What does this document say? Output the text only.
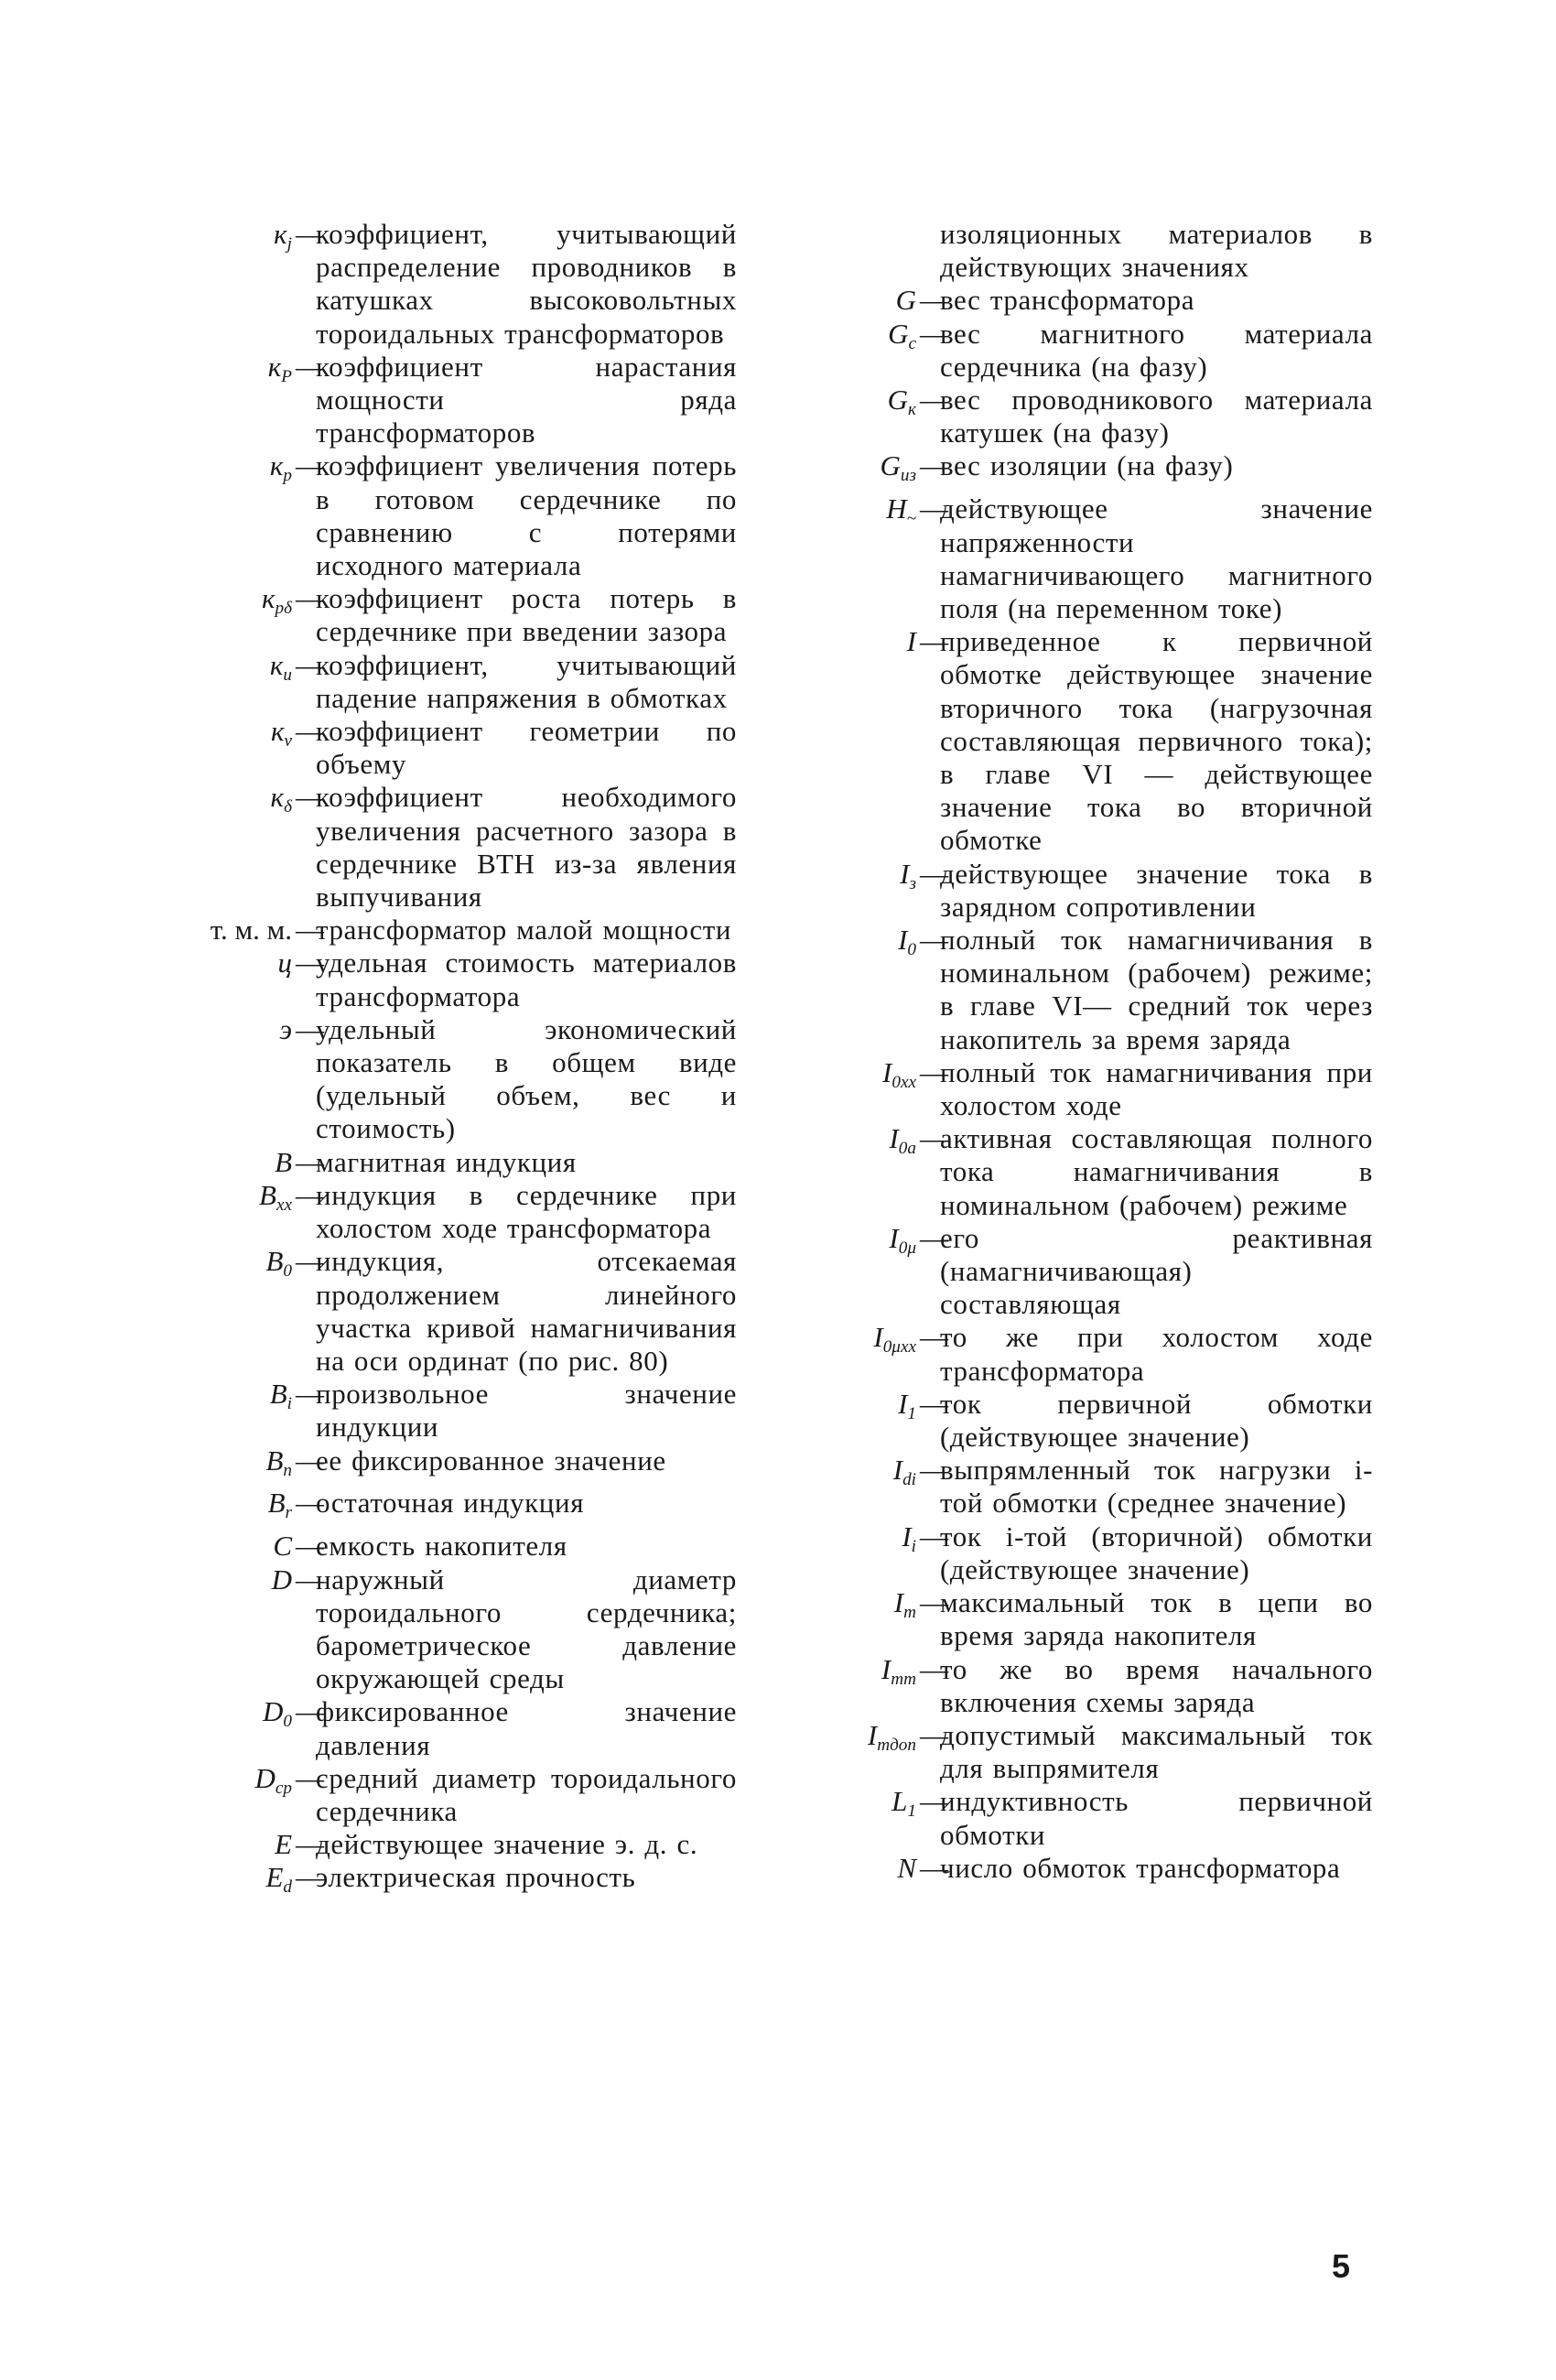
$к_j$ —
коэффициент, учитывающий распределение проводников в катушках высоковольтных тороидальных трансформаторов
$к_P$ —
коэффициент нарастания мощности ряда трансформаторов
$к_p$ —
коэффициент увеличения потерь в готовом сердечнике по сравнению с потерями исходного материала
$к_{p\delta}$ —
коэффициент роста потерь в сердечнике при введении зазора
$к_u$ —
коэффициент, учитывающий падение напряжения в обмотках
$к_v$ —
коэффициент геометрии по объему
$к_\delta$ —
коэффициент необходимого увеличения расчетного зазора в сердечнике ВТН из-за явления выпучивания
т. м. м. —
трансформатор малой мощности
ц —
удельная стоимость материалов трансформатора
э —
удельный экономический показатель в общем виде (удельный объем, вес и стоимость)
B —
магнитная индукция
$B_{xx}$ —
индукция в сердечнике при холостом ходе трансформатора
$B_0$ —
индукция, отсекаемая продолжением линейного участка кривой намагничивания на оси ординат (по рис. 80)
$B_i$ —
произвольное значение индукции
$B_n$ —
ее фиксированное значение
$B_r$ —
остаточная индукция
C —
емкость накопителя
D —
наружный диаметр тороидального сердечника; барометрическое давление окружающей среды
$D_0$ —
фиксированное значение давления
$D_{ср}$ —
средний диаметр тороидального сердечника
E —
действующее значение э. д. с.
$E_d$ —
электрическая прочность
изоляционных материалов в действующих значениях
G —
вес трансформатора
$G_c$ —
вес магнитного материала сердечника (на фазу)
$G_к$ —
вес проводникового материала катушек (на фазу)
$G_{из}$ —
вес изоляции (на фазу)
$H_\sim$ —
действующее значение напряженности намагничивающего магнитного поля (на переменном токе)
I —
приведенное к первичной обмотке действующее значение вторичного тока (нагрузочная составляющая первичного тока); в главе VI — действующее значение тока во вторичной обмотке
$I_з$ —
действующее значение тока в зарядном сопротивлении
$I_0$ —
полный ток намагничивания в номинальном (рабочем) режиме; в главе VI— средний ток через накопитель за время заряда
$I_{0xx}$ —
полный ток намагничивания при холостом ходе
$I_{0a}$ —
активная составляющая полного тока намагничивания в номинальном (рабочем) режиме
$I_{0\mu}$ —
его реактивная (намагничивающая) составляющая
$I_{0\mu xx}$ —
то же при холостом ходе трансформатора
$I_1$ —
ток первичной обмотки (действующее значение)
$I_{di}$ —
выпрямленный ток нагрузки i-той обмотки (среднее значение)
$I_i$ —
ток i-той (вторичной) обмотки (действующее значение)
$I_m$ —
максимальный ток в цепи во время заряда накопителя
$I_{mm}$ —
то же во время начального включения схемы заряда
$I_{mдоп}$ —
допустимый максимальный ток для выпрямителя
$L_1$ —
индуктивность первичной обмотки
N —
число обмоток трансформатора
5
